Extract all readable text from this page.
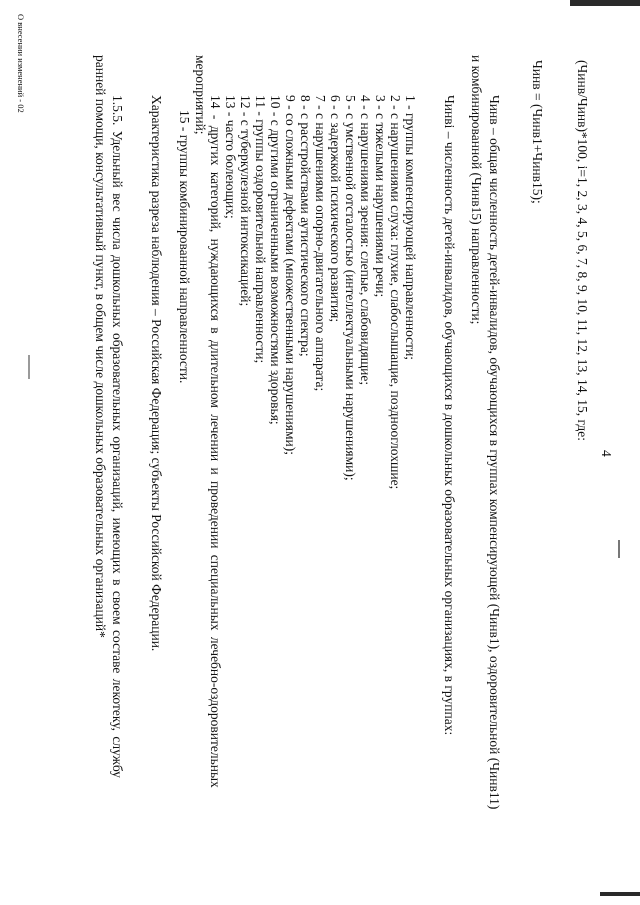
4
(Чинв/Чинв)*100, i=1, 2, 3, 4, 5, 6, 7, 8, 9, 10, 11, 12, 13, 14, 15, где:
Чинв = (Чинв1+Чинв15);
Чинв – общая численность детей-инвалидов, обучающихся в группах компенсирующей (Чинв1), оздоровительной (Чинв11)
и комбинированной (Чинв15) направленности;
Чинвi – численность детей-инвалидов, обучающихся в дошкольных образовательных организациях, в группах:
1 - группы компенсирующей направленности;
2 - с нарушениями слуха: глухие, слабослышащие, позднооглохшие;
3 - с тяжелыми нарушениями речи;
4 - с нарушениями зрения: слепые, слабовидящие;
5 - с умственной отсталостью (интеллектуальными нарушениями);
6 - с задержкой психического развития;
7 - с нарушениями опорно-двигательного аппарата;
8 - с расстройствами аутистического спектра;
9 - со сложными дефектами (множественными нарушениями);
10 - с другими ограниченными возможностями здоровья;
11 - группы оздоровительной направленности;
12 - с туберкулезной интоксикацией;
13 - часто болеющих;
14 - других категорий, нуждающихся в длительном лечении и проведении специальных лечебно-оздоровительных
мероприятий;
15 - группы комбинированной направленности.
Характеристика разреза наблюдения – Российская Федерация; субъекты Российской Федерации.
1.5.5. Удельный вес числа дошкольных образовательных организаций, имеющих в своем составе лекотеку, службу
ранней помощи, консультативный пункт, в общем числе дошкольных образовательных организаций*
О внесении изменений - 02
